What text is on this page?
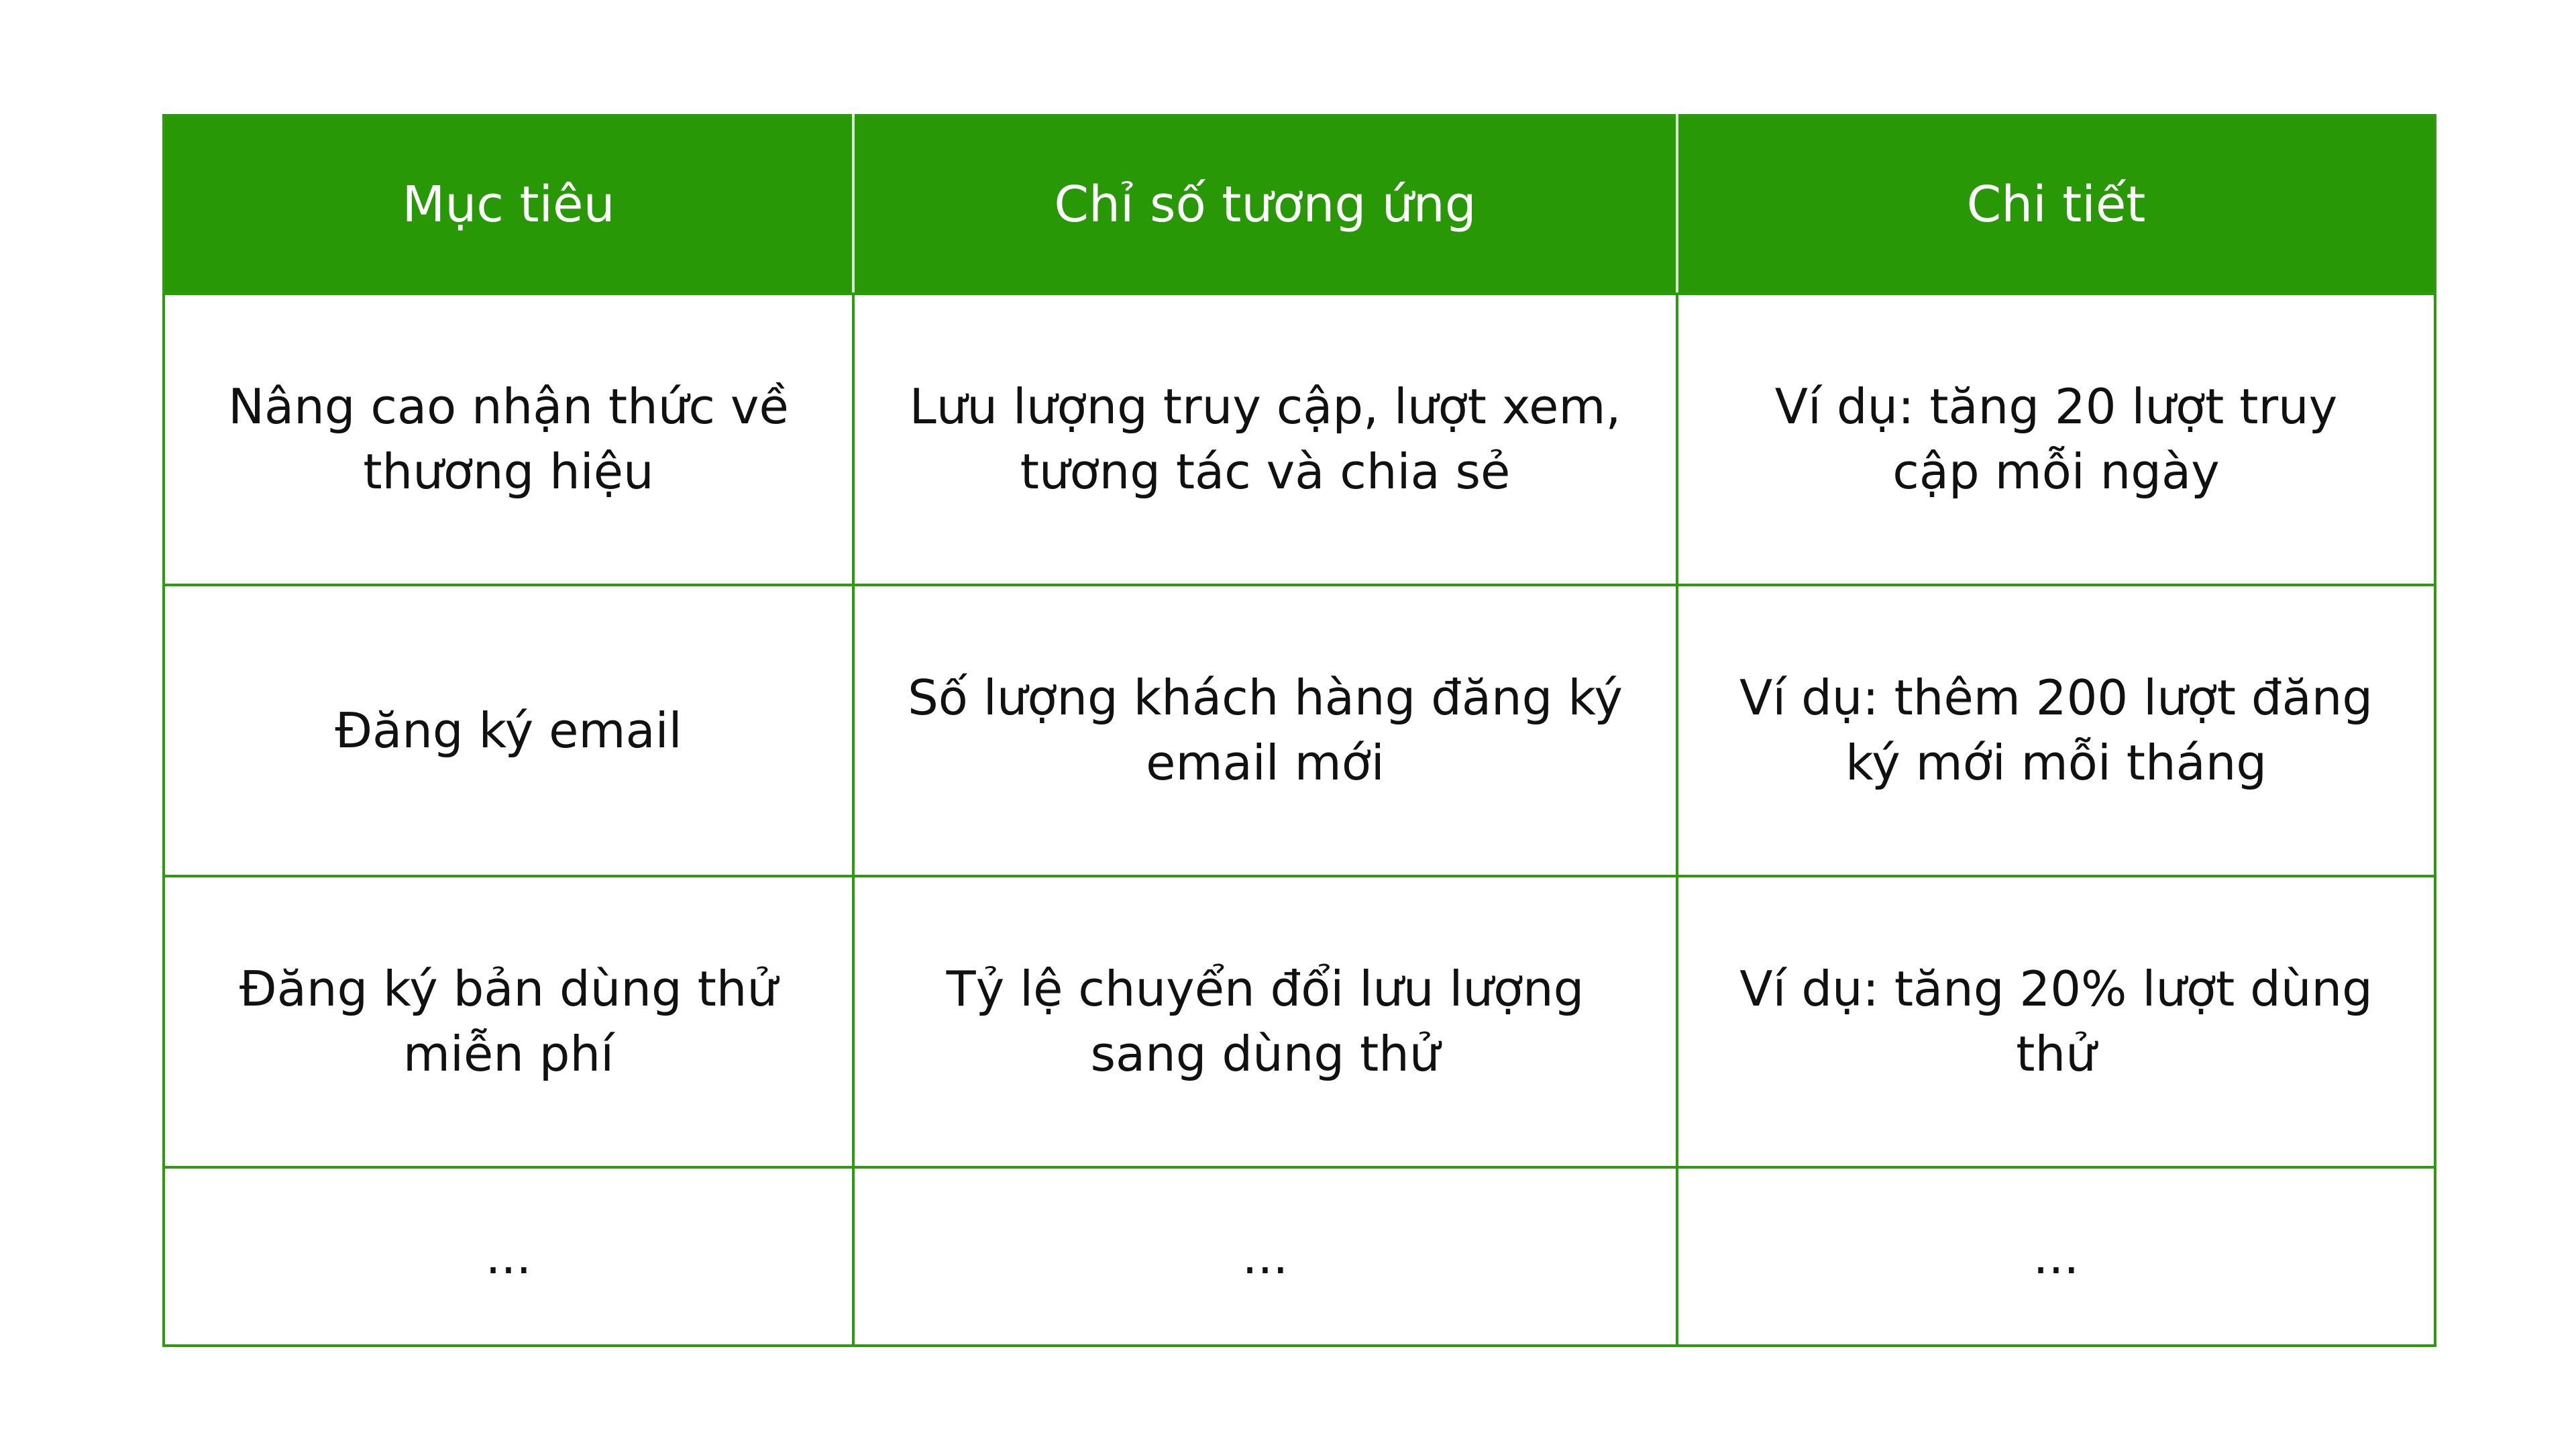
Mục tiêu	Chỉ số tương ứng	Chi tiết
Nâng cao nhận thức về thương hiệu	Lưu lượng truy cập, lượt xem, tương tác và chia sẻ	Ví dụ: tăng 20 lượt truy cập mỗi ngày
Đăng ký email	Số lượng khách hàng đăng ký email mới	Ví dụ: thêm 200 lượt đăng ký mới mỗi tháng
Đăng ký bản dùng thử miễn phí	Tỷ lệ chuyển đổi lưu lượng sang dùng thử	Ví dụ: tăng 20% lượt dùng thử
...	...	...
